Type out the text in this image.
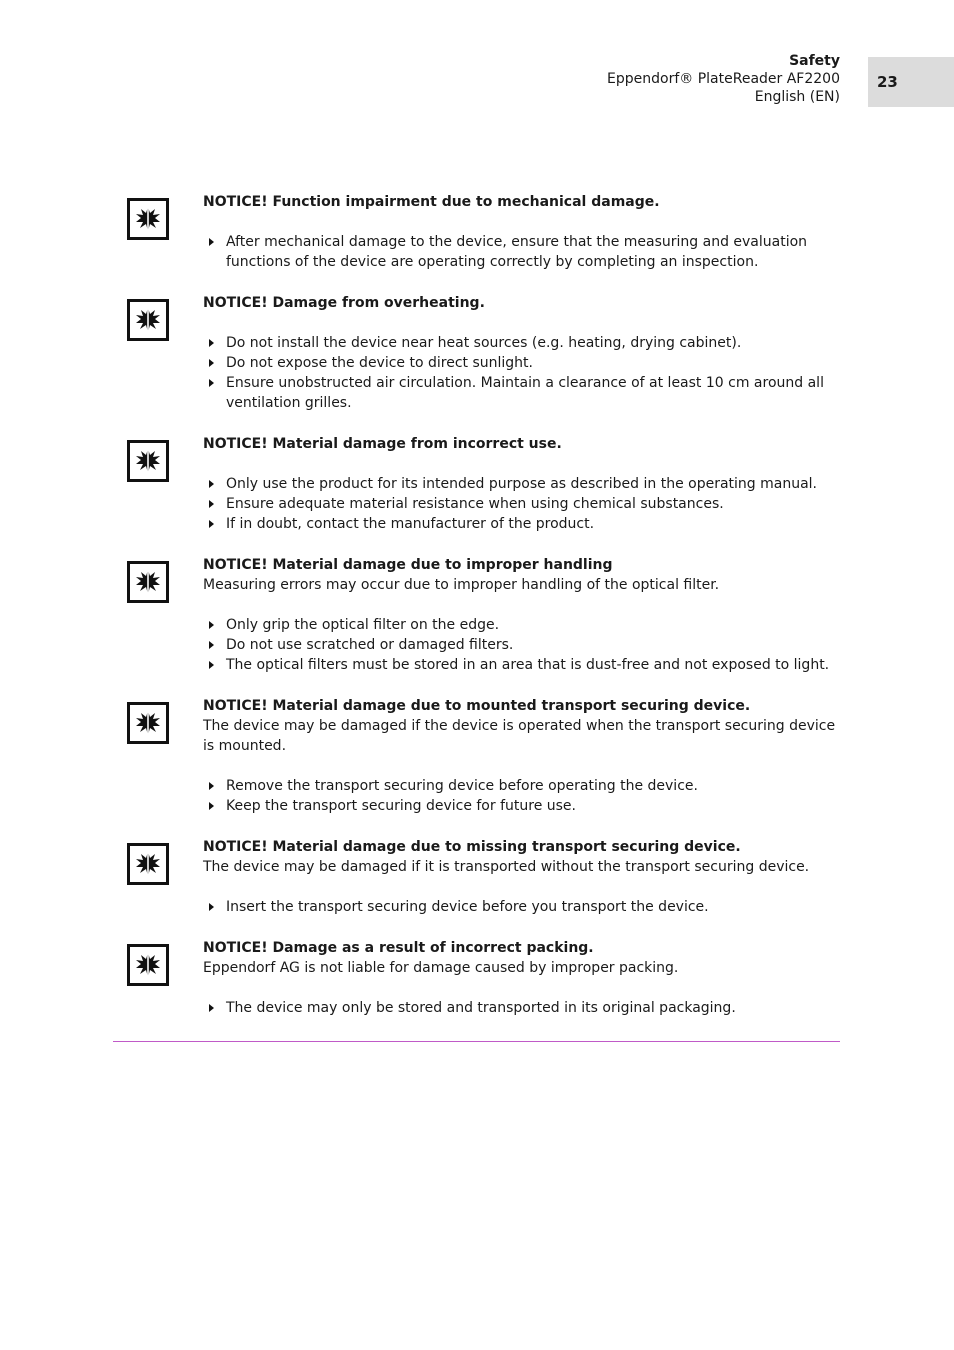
Safety
Eppendorf® PlateReader AF2200
English (EN)
23
NOTICE! Function impairment due to mechanical damage.
After mechanical damage to the device, ensure that the measuring and evaluation functions of the device are operating correctly by completing an inspection.
NOTICE! Damage from overheating.
Do not install the device near heat sources (e.g. heating, drying cabinet).
Do not expose the device to direct sunlight.
Ensure unobstructed air circulation. Maintain a clearance of at least 10 cm around all ventilation grilles.
NOTICE! Material damage from incorrect use.
Only use the product for its intended purpose as described in the operating manual.
Ensure adequate material resistance when using chemical substances.
If in doubt, contact the manufacturer of the product.
NOTICE! Material damage due to improper handling
Measuring errors may occur due to improper handling of the optical filter.
Only grip the optical filter on the edge.
Do not use scratched or damaged filters.
The optical filters must be stored in an area that is dust-free and not exposed to light.
NOTICE! Material damage due to mounted transport securing device.
The device may be damaged if the device is operated when the transport securing device is mounted.
Remove the transport securing device before operating the device.
Keep the transport securing device for future use.
NOTICE! Material damage due to missing transport securing device.
The device may be damaged if it is transported without the transport securing device.
Insert the transport securing device before you transport the device.
NOTICE! Damage as a result of incorrect packing.
Eppendorf AG is not liable for damage caused by improper packing.
The device may only be stored and transported in its original packaging.
